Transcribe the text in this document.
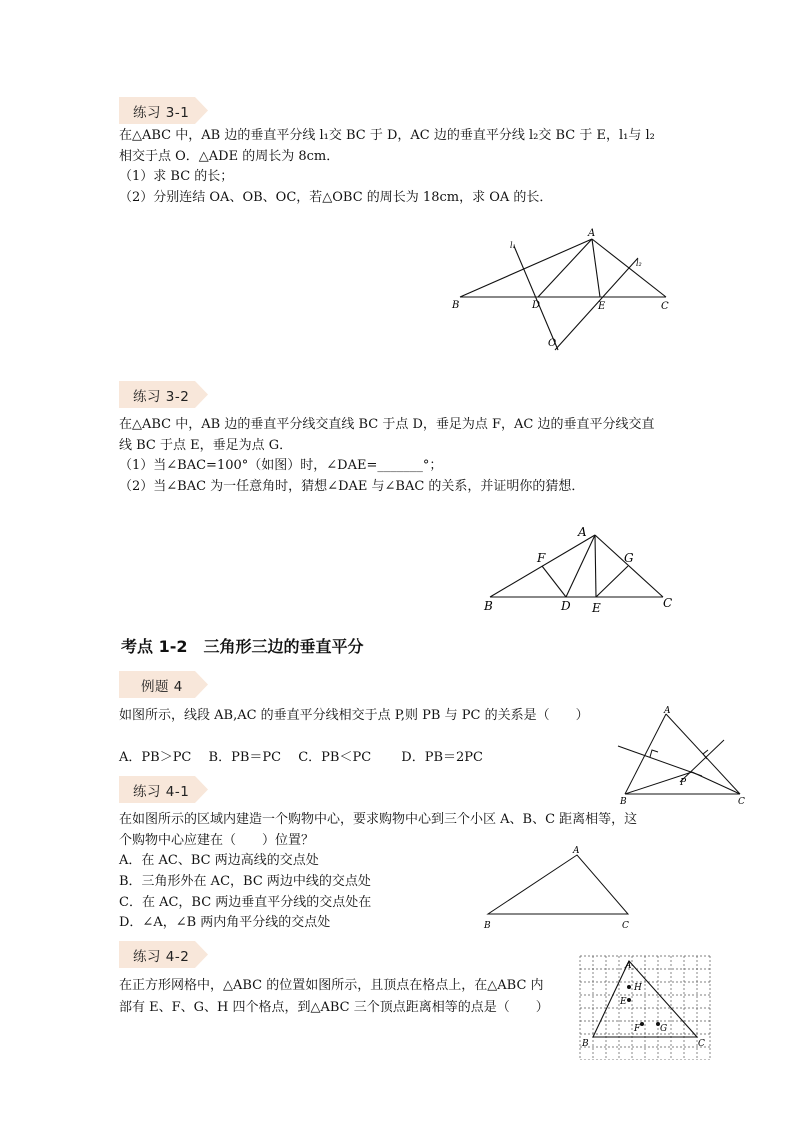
练习 3-1
在△ABC 中，AB 边的垂直平分线 l₁交 BC 于 D，AC 边的垂直平分线 l₂交 BC 于 E，l₁与 l₂
相交于点 O．△ADE 的周长为 8cm．
（1）求 BC 的长；
（2）分别连结 OA、OB、OC，若△OBC 的周长为 18cm，求 OA 的长．
A
B	C
D	E
O
l₁
l₂
练习 3-2
在△ABC 中，AB 边的垂直平分线交直线 BC 于点 D，垂足为点 F，AC 边的垂直平分线交直
线 BC 于点 E，垂足为点 G．
（1）当∠BAC=100°（如图）时，∠DAE=_______°；
（2）当∠BAC 为一任意角时，猜想∠DAE 与∠BAC 的关系，并证明你的猜想．
A
B	C
D E
F	G
考点 1-2　三角形三边的垂直平分
例题 4
如图所示，线段 AB,AC 的垂直平分线相交于点 P,则 PB 与 PC 的关系是（　　）
A．PB＞PC　 B．PB＝PC　 C．PB＜PC　　 D．PB＝2PC
A
B	C
P
练习 4-1
在如图所示的区域内建造一个购物中心，要求购物中心到三个小区 A、B、C 距离相等，这
个购物中心应建在（　　）位置？
A．在 AC、BC 两边高线的交点处
B．三角形外在 AC，BC 两边中线的交点处
C．在 AC，BC 两边垂直平分线的交点处在
D．∠A，∠B 两内角平分线的交点处
A
B	C
练习 4-2
在正方形网格中，△ABC 的位置如图所示，且顶点在格点上，在△ABC 内
部有 E、F、G、H 四个格点，到△ABC 三个顶点距离相等的点是（　　）
A
B	C
E
F G
H
